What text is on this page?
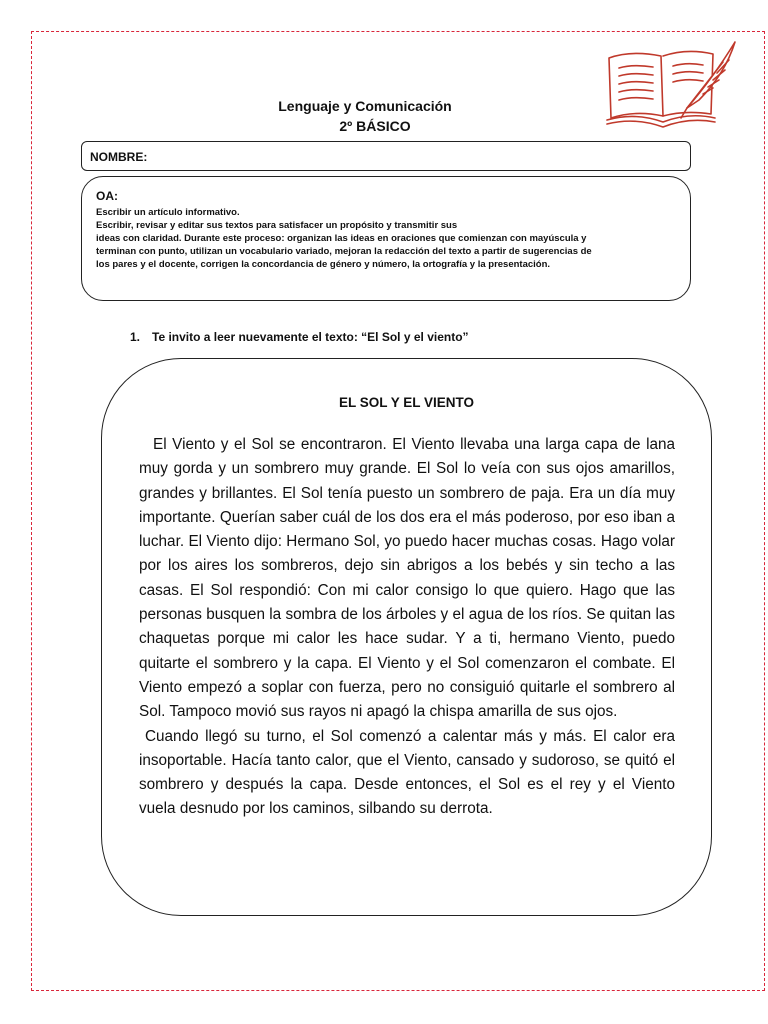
Lenguaje y Comunicación
2º BÁSICO
NOMBRE:
OA:

Escribir un artículo informativo.

Escribir, revisar y editar sus textos para satisfacer un propósito y transmitir sus

ideas con claridad. Durante este proceso: organizan las ideas en oraciones que comienzan con mayúscula y

terminan con punto, utilizan un vocabulario variado, mejoran la redacción del texto a partir de sugerencias de

los pares y el docente, corrigen la concordancia de género y número, la ortografía y la presentación.

1. Te invito a leer nuevamente el texto: “El Sol y el viento”
EL SOL Y EL VIENTO

El Viento y el Sol se encontraron. El Viento llevaba una larga capa de lana muy gorda y un sombrero muy grande. El Sol lo veía con sus ojos amarillos, grandes y brillantes. El Sol tenía puesto un sombrero de paja. Era un día muy importante. Querían saber cuál de los dos era el más poderoso, por eso iban a luchar. El Viento dijo: Hermano Sol, yo puedo hacer muchas cosas. Hago volar por los aires los sombreros, dejo sin abrigos a los bebés y sin techo a las casas. El Sol respondió: Con mi calor consigo lo que quiero. Hago que las personas busquen la sombra de los árboles y el agua de los ríos. Se quitan las chaquetas porque mi calor les hace sudar. Y a ti, hermano Viento, puedo quitarte el sombrero y la capa. El Viento y el Sol comenzaron el combate. El Viento empezó a soplar con fuerza, pero no consiguió quitarle el sombrero al Sol. Tampoco movió sus rayos ni apagó la chispa amarilla de sus ojos.

Cuando llegó su turno, el Sol comenzó a calentar más y más. El calor era insoportable. Hacía tanto calor, que el Viento, cansado y sudoroso, se quitó el sombrero y después la capa. Desde entonces, el Sol es el rey y el Viento vuela desnudo por los caminos, silbando su derrota.
